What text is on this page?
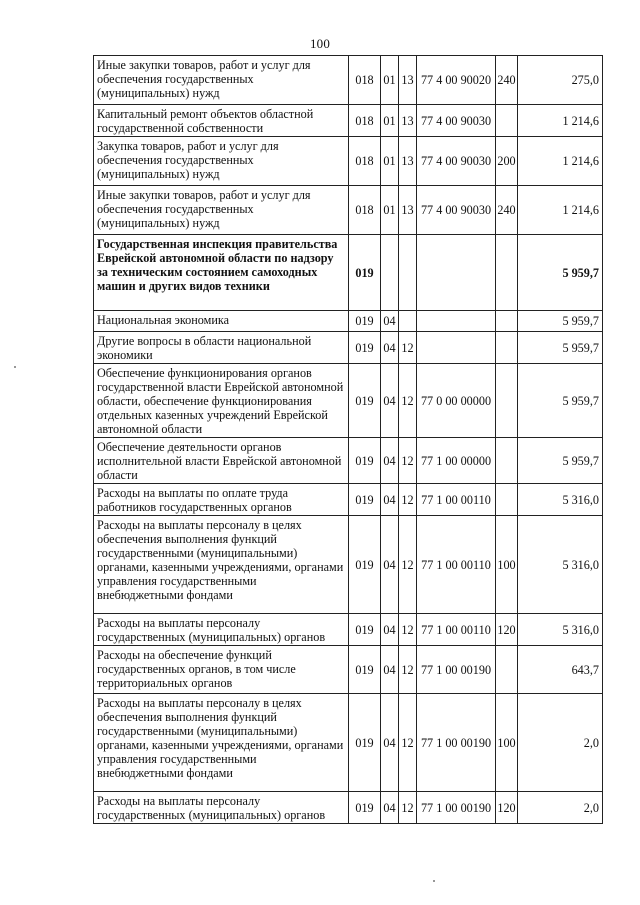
100
Иные закупки товаров, работ и услуг для обеспечения государственных (муниципальных) нужд	018	01	13	77 4 00 90020	240	275,0
Капитальный ремонт объектов областной государственной собственности	018	01	13	77 4 00 90030		1 214,6
Закупка товаров, работ и услуг для обеспечения государственных (муниципальных) нужд	018	01	13	77 4 00 90030	200	1 214,6
Иные закупки товаров, работ и услуг для обеспечения государственных (муниципальных) нужд	018	01	13	77 4 00 90030	240	1 214,6
Государственная инспекция правительства Еврейской автономной области по надзору за техническим состоянием самоходных машин и других видов техники	019					5 959,7
Национальная экономика	019	04				5 959,7
Другие вопросы в области национальной экономики	019	04	12			5 959,7
Обеспечение функционирования органов государственной власти Еврейской автономной области, обеспечение функционирования отдельных казенных учреждений Еврейской автономной области	019	04	12	77 0 00 00000		5 959,7
Обеспечение деятельности органов исполнительной власти Еврейской автономной области	019	04	12	77 1 00 00000		5 959,7
Расходы на выплаты по оплате труда работников государственных органов	019	04	12	77 1 00 00110		5 316,0
Расходы на выплаты персоналу в целях обеспечения выполнения функций государственными (муниципальными) органами, казенными учреждениями, органами управления государственными внебюджетными фондами	019	04	12	77 1 00 00110	100	5 316,0
Расходы на выплаты персоналу государственных (муниципальных) органов	019	04	12	77 1 00 00110	120	5 316,0
Расходы на обеспечение функций государственных органов, в том числе территориальных органов	019	04	12	77 1 00 00190		643,7
Расходы на выплаты персоналу в целях обеспечения выполнения функций государственными (муниципальными) органами, казенными учреждениями, органами управления государственными внебюджетными фондами	019	04	12	77 1 00 00190	100	2,0
Расходы на выплаты персоналу государственных (муниципальных) органов	019	04	12	77 1 00 00190	120	2,0
